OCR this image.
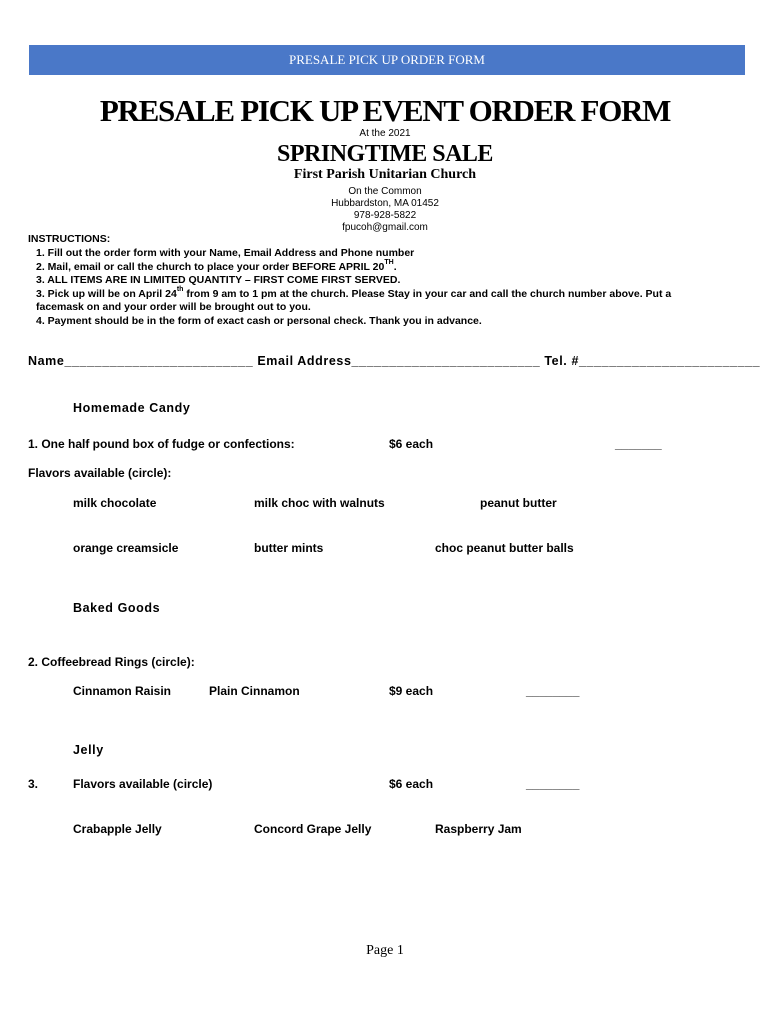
PRESALE PICK UP ORDER FORM
PRESALE PICK UP EVENT ORDER FORM
At the 2021
SPRINGTIME SALE
First Parish Unitarian Church
On the Common
Hubbardston, MA 01452
978-928-5822
fpucoh@gmail.com
INSTRUCTIONS:
1. Fill out the order form with your Name, Email Address and Phone number
2. Mail, email or call the church to place your order BEFORE APRIL 20TH.
3. ALL ITEMS ARE IN LIMITED QUANTITY – FIRST COME FIRST SERVED.
3. Pick up will be on April 24th from 9 am to 1 pm at the church. Please Stay in your car and call the church number above. Put a
facemask on and your order will be brought out to you.
4. Payment should be in the form of exact cash or personal check. Thank you in advance.
Name_________________________ Email Address_________________________ Tel. #________________________
Homemade Candy
1. One half pound box of fudge or confections:	$6 each	_______
Flavors available (circle):
milk chocolate	milk choc with walnuts	peanut butter
orange creamsicle	butter mints	choc peanut butter balls
Baked Goods
2. Coffeebread Rings (circle):
Cinnamon Raisin	Plain Cinnamon	$9 each	________
Jelly
3.	Flavors available (circle)	$6 each	________
Crabapple Jelly	Concord Grape Jelly	Raspberry Jam
Page 1
